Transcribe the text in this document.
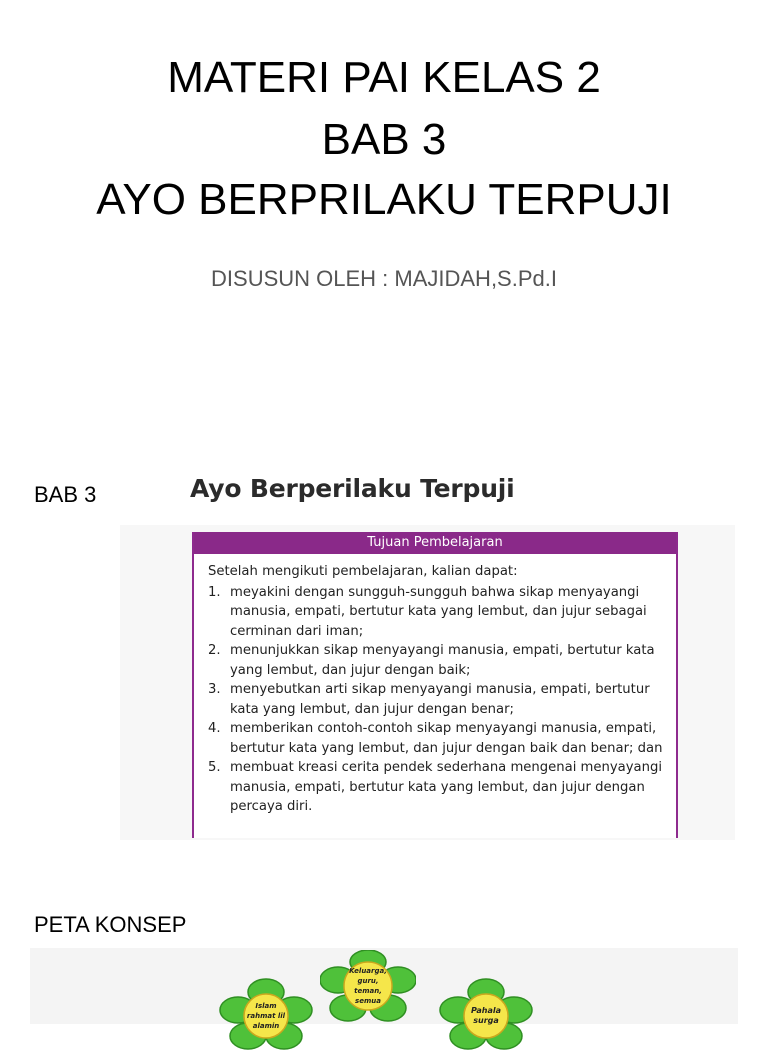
MATERI PAI KELAS 2
BAB 3
AYO BERPRILAKU TERPUJI
DISUSUN OLEH : MAJIDAH,S.Pd.I
BAB 3	Ayo Berperilaku Terpuji
Tujuan Pembelajaran

Setelah mengikuti pembelajaran, kalian dapat:

1. meyakini dengan sungguh-sungguh bahwa sikap menyayangi manusia, empati, bertutur kata yang lembut, dan jujur sebagai cerminan dari iman;
2. menunjukkan sikap menyayangi manusia, empati, bertutur kata yang lembut, dan jujur dengan baik;
3. menyebutkan arti sikap menyayangi manusia, empati, bertutur kata yang lembut, dan jujur dengan benar;
4. memberikan contoh-contoh sikap menyayangi manusia, empati, bertutur kata yang lembut, dan jujur dengan baik dan benar; dan
5. membuat kreasi cerita pendek sederhana mengenai menyayangi manusia, empati, bertutur kata yang lembut, dan jujur dengan percaya diri.
PETA KONSEP
Islam rahmat lil alamin
Keluarga, guru, teman, semua
Pahala surga
